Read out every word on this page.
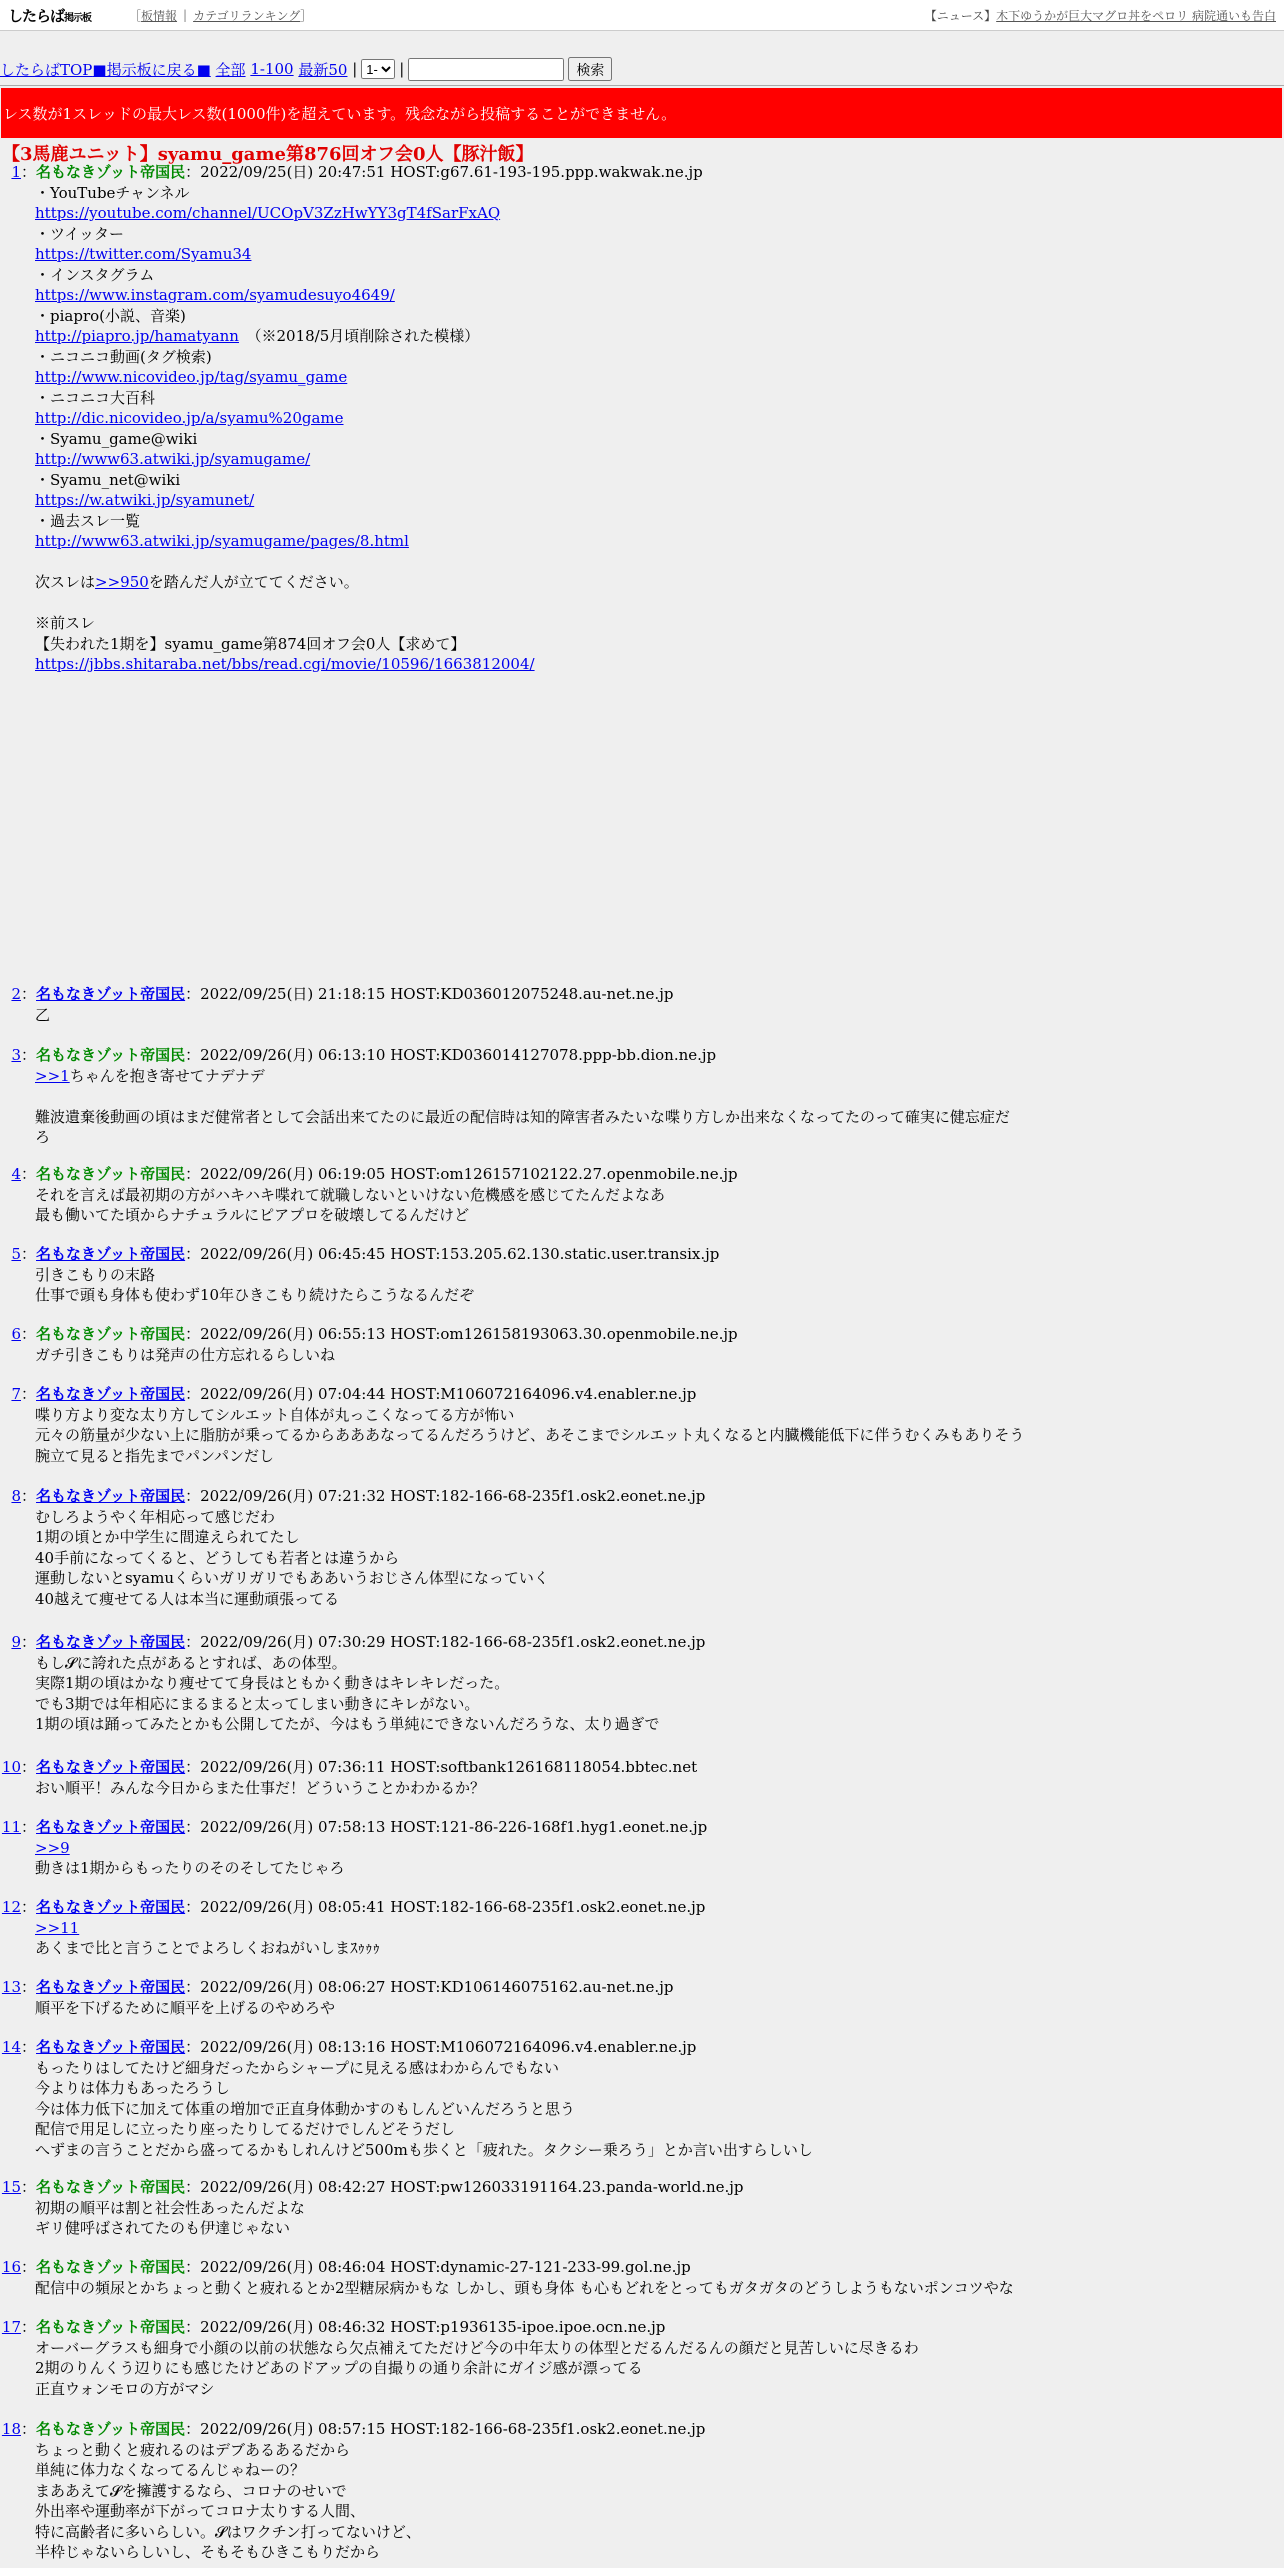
したらば掲示板	［ 板情報 | カテゴリランキング ］	【ニュース】木下ゆうかが巨大マグロ丼をペロリ 病院通いも告白
したらばTOP ■掲示板に戻る■
全部
1-100
最新50 |
1-	|	検索
レス数が1スレッドの最大レス数(1000件)を超えています。残念ながら投稿することができません。
【3馬鹿ユニット】syamu_game第876回オフ会0人【豚汁飯】
1：名もなきゾット帝国民：2022/09/25(日) 20:47:51 HOST:g67.61-193-195.ppp.wakwak.ne.jp
・YouTubeチャンネル
https://youtube.com/channel/UCOpV3ZzHwYY3gT4fSarFxAQ
・ツイッター
https://twitter.com/Syamu34
・インスタグラム
https://www.instagram.com/syamudesuyo4649/
・piapro(小説、音楽)
http://piapro.jp/hamatyann　（※2018/5月頃削除された模様）
・ニコニコ動画(タグ検索)
http://www.nicovideo.jp/tag/syamu_game
・ニコニコ大百科
http://dic.nicovideo.jp/a/syamu%20game
・Syamu_game@wiki
http://www63.atwiki.jp/syamugame/
・Syamu_net@wiki
https://w.atwiki.jp/syamunet/
・過去スレ一覧
http://www63.atwiki.jp/syamugame/pages/8.html
次スレは>>950を踏んだ人が立ててください。
※前スレ
【失われた1期を】syamu_game第874回オフ会0人【求めて】
https://jbbs.shitaraba.net/bbs/read.cgi/movie/10596/1663812004/
2：名もなきゾット帝国民：2022/09/25(日) 21:18:15 HOST:KD036012075248.au-net.ne.jp
乙
3：名もなきゾット帝国民：2022/09/26(月) 06:13:10 HOST:KD036014127078.ppp-bb.dion.ne.jp
>>1ちゃんを抱き寄せてナデナデ
難波遺棄後動画の頃はまだ健常者として会話出来てたのに最近の配信時は知的障害者みたいな喋り方しか出来なくなってたのって確実に健忘症だ
ろ
4：名もなきゾット帝国民：2022/09/26(月) 06:19:05 HOST:om126157102122.27.openmobile.ne.jp
それを言えば最初期の方がハキハキ喋れて就職しないといけない危機感を感じてたんだよなあ
最も働いてた頃からナチュラルにピアプロを破壊してるんだけど
5：名もなきゾット帝国民：2022/09/26(月) 06:45:45 HOST:153.205.62.130.static.user.transix.jp
引きこもりの末路
仕事で頭も身体も使わず10年ひきこもり続けたらこうなるんだぞ
6：名もなきゾット帝国民：2022/09/26(月) 06:55:13 HOST:om126158193063.30.openmobile.ne.jp
ガチ引きこもりは発声の仕方忘れるらしいね
7：名もなきゾット帝国民：2022/09/26(月) 07:04:44 HOST:M106072164096.v4.enabler.ne.jp
喋り方より変な太り方してシルエット自体が丸っこくなってる方が怖い
元々の筋量が少ない上に脂肪が乗ってるからあああなってるんだろうけど、あそこまでシルエット丸くなると内臓機能低下に伴うむくみもありそう
腕立て見ると指先までパンパンだし
8：名もなきゾット帝国民：2022/09/26(月) 07:21:32 HOST:182-166-68-235f1.osk2.eonet.ne.jp
むしろようやく年相応って感じだわ
1期の頃とか中学生に間違えられてたし
40手前になってくると、どうしても若者とは違うから
運動しないとsyamuくらいガリガリでもああいうおじさん体型になっていく
40越えて痩せてる人は本当に運動頑張ってる
9：名もなきゾット帝国民：2022/09/26(月) 07:30:29 HOST:182-166-68-235f1.osk2.eonet.ne.jp
もし𝓢に誇れた点があるとすれば、あの体型。
実際1期の頃はかなり痩せてて身長はともかく動きはキレキレだった。
でも3期では年相応にまるまると太ってしまい動きにキレがない。
1期の頃は踊ってみたとかも公開してたが、今はもう単純にできないんだろうな、太り過ぎで
10：名もなきゾット帝国民：2022/09/26(月) 07:36:11 HOST:softbank126168118054.bbtec.net
おい順平！みんな今日からまた仕事だ！どういうことかわかるか？
11：名もなきゾット帝国民：2022/09/26(月) 07:58:13 HOST:121-86-226-168f1.hyg1.eonet.ne.jp
>>9
動きは1期からもったりのそのそしてたじゃろ
12：名もなきゾット帝国民：2022/09/26(月) 08:05:41 HOST:182-166-68-235f1.osk2.eonet.ne.jp
>>11
あくまで比と言うことでよろしくおねがいしまｽｩｩｩ
13：名もなきゾット帝国民：2022/09/26(月) 08:06:27 HOST:KD106146075162.au-net.ne.jp
順平を下げるために順平を上げるのやめろや
14：名もなきゾット帝国民：2022/09/26(月) 08:13:16 HOST:M106072164096.v4.enabler.ne.jp
もったりはしてたけど細身だったからシャープに見える感はわからんでもない
今よりは体力もあったろうし
今は体力低下に加えて体重の増加で正直身体動かすのもしんどいんだろうと思う
配信で用足しに立ったり座ったりしてるだけでしんどそうだし
へずまの言うことだから盛ってるかもしれんけど500mも歩くと「疲れた。タクシー乗ろう」とか言い出すらしいし
15：名もなきゾット帝国民：2022/09/26(月) 08:42:27 HOST:pw126033191164.23.panda-world.ne.jp
初期の順平は割と社会性あったんだよな
ギリ健呼ばされてたのも伊達じゃない
16：名もなきゾット帝国民：2022/09/26(月) 08:46:04 HOST:dynamic-27-121-233-99.gol.ne.jp
配信中の頻尿とかちょっと動くと疲れるとか2型糖尿病かもな しかし、頭も身体 も心もどれをとってもガタガタのどうしようもないポンコツやな
17：名もなきゾット帝国民：2022/09/26(月) 08:46:32 HOST:p1936135-ipoe.ipoe.ocn.ne.jp
オーバーグラスも細身で小顔の以前の状態なら欠点補えてただけど今の中年太りの体型とだるんだるんの顔だと見苦しいに尽きるわ
2期のりんくう辺りにも感じたけどあのドアップの自撮りの通り余計にガイジ感が漂ってる
正直ウォンモロの方がマシ
18：名もなきゾット帝国民：2022/09/26(月) 08:57:15 HOST:182-166-68-235f1.osk2.eonet.ne.jp
ちょっと動くと疲れるのはデブあるあるだから
単純に体力なくなってるんじゃねーの？
まああえて𝓢を擁護するなら、コロナのせいで
外出率や運動率が下がってコロナ太りする人間、
特に高齢者に多いらしい。𝓢はワクチン打ってないけど、
半枠じゃないらしいし、そもそもひきこもりだから
